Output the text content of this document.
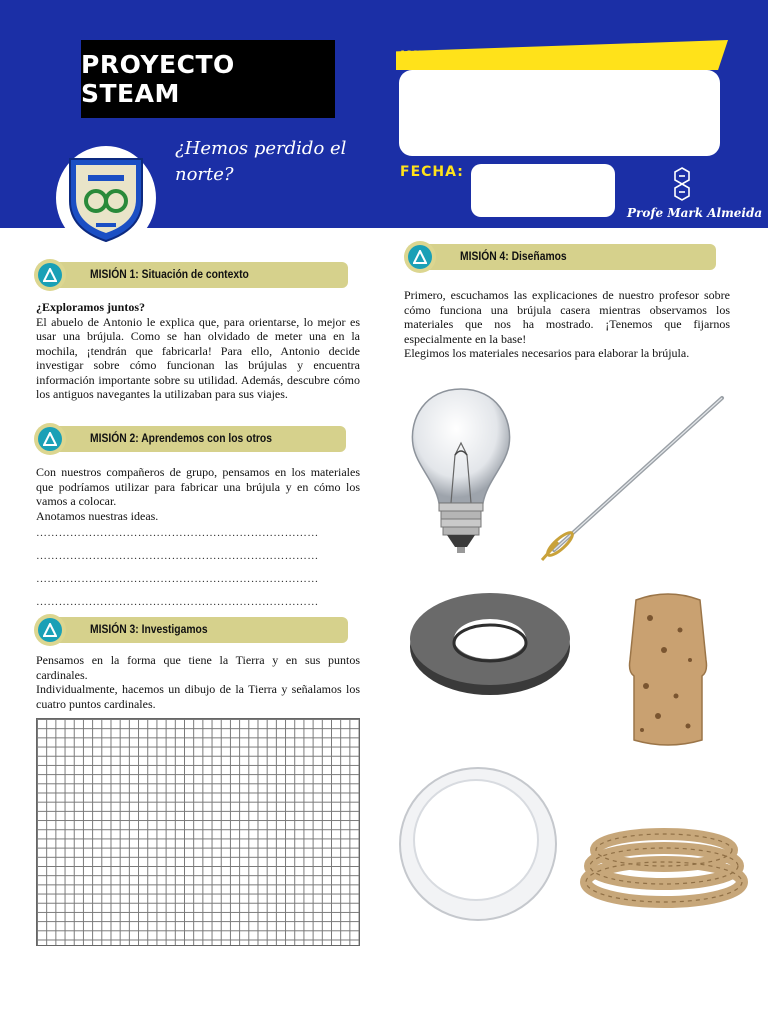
PROYECTO STEAM
¿Hemos perdido el
norte?
INTEGRANTES:
FECHA:
Profe Mark Almeida
MISIÓN 1: Situación de contexto

¿Exploramos juntos?

El abuelo de Antonio le explica que, para orientarse, lo mejor es usar una brújula. Como se han olvidado de meter una en la mochila, ¡tendrán que fabricarla! Para ello, Antonio decide investigar sobre cómo funcionan las brújulas y encuentra información importante sobre su utilidad. Además, descubre cómo los antiguos navegantes la utilizaban para sus viajes.

MISIÓN 2: Aprendemos con los otros

Con nuestros compañeros de grupo, pensamos en los materiales que podríamos utilizar para fabricar una brújula y en cómo los vamos a colocar.

Anotamos nuestras ideas.

…………………………………………………………………
…………………………………………………………………
…………………………………………………………………
…………………………………………………………………
MISIÓN 3: Investigamos

Pensamos en la forma que tiene la Tierra y en sus puntos cardinales.

Individualmente, hacemos un dibujo de la Tierra y señalamos los cuatro puntos cardinales.

MISIÓN 4: Diseñamos

Primero, escuchamos las explicaciones de nuestro profesor sobre cómo funciona una brújula casera mientras observamos los materiales que nos ha mostrado. ¡Tenemos que fijarnos especialmente en la base!

Elegimos los materiales necesarios para elaborar la brújula.
